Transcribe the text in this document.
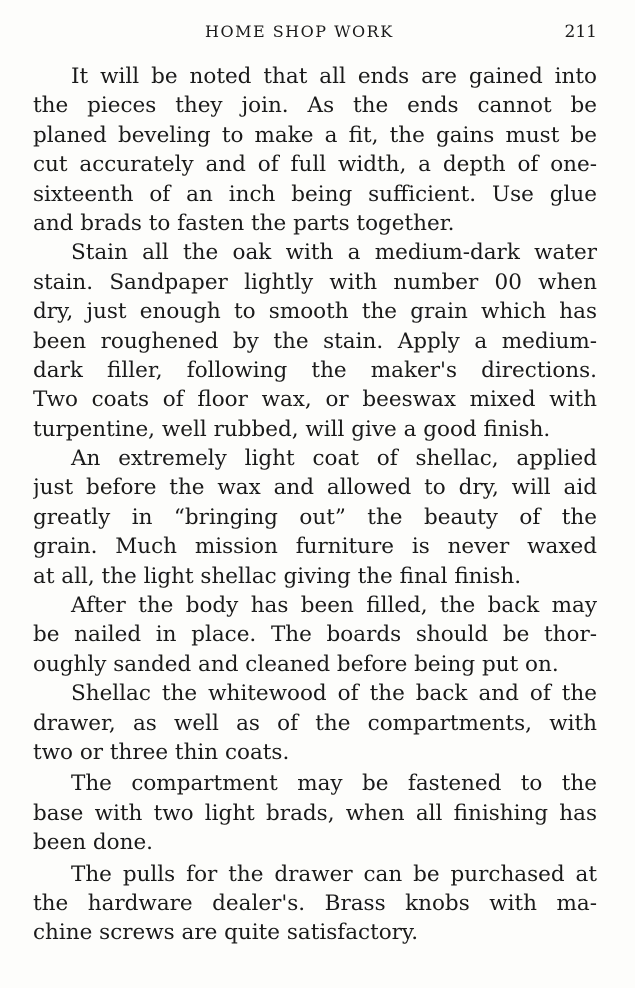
HOME SHOP WORK	211
It will be noted that all ends are gained into
the pieces they join. As the ends cannot be
planed beveling to make a fit, the gains must be
cut accurately and of full width, a depth of one-
sixteenth of an inch being sufficient. Use glue
and brads to fasten the parts together.
Stain all the oak with a medium-dark water
stain. Sandpaper lightly with number 00 when
dry, just enough to smooth the grain which has
been roughened by the stain. Apply a medium-
dark filler, following the maker's directions.
Two coats of floor wax, or beeswax mixed with
turpentine, well rubbed, will give a good finish.
An extremely light coat of shellac, applied
just before the wax and allowed to dry, will aid
greatly in “bringing out” the beauty of the
grain. Much mission furniture is never waxed
at all, the light shellac giving the final finish.
After the body has been filled, the back may
be nailed in place. The boards should be thor-
oughly sanded and cleaned before being put on.
Shellac the whitewood of the back and of the
drawer, as well as of the compartments, with
two or three thin coats.
The compartment may be fastened to the
base with two light brads, when all finishing has
been done.
The pulls for the drawer can be purchased at
the hardware dealer's. Brass knobs with ma-
chine screws are quite satisfactory.
